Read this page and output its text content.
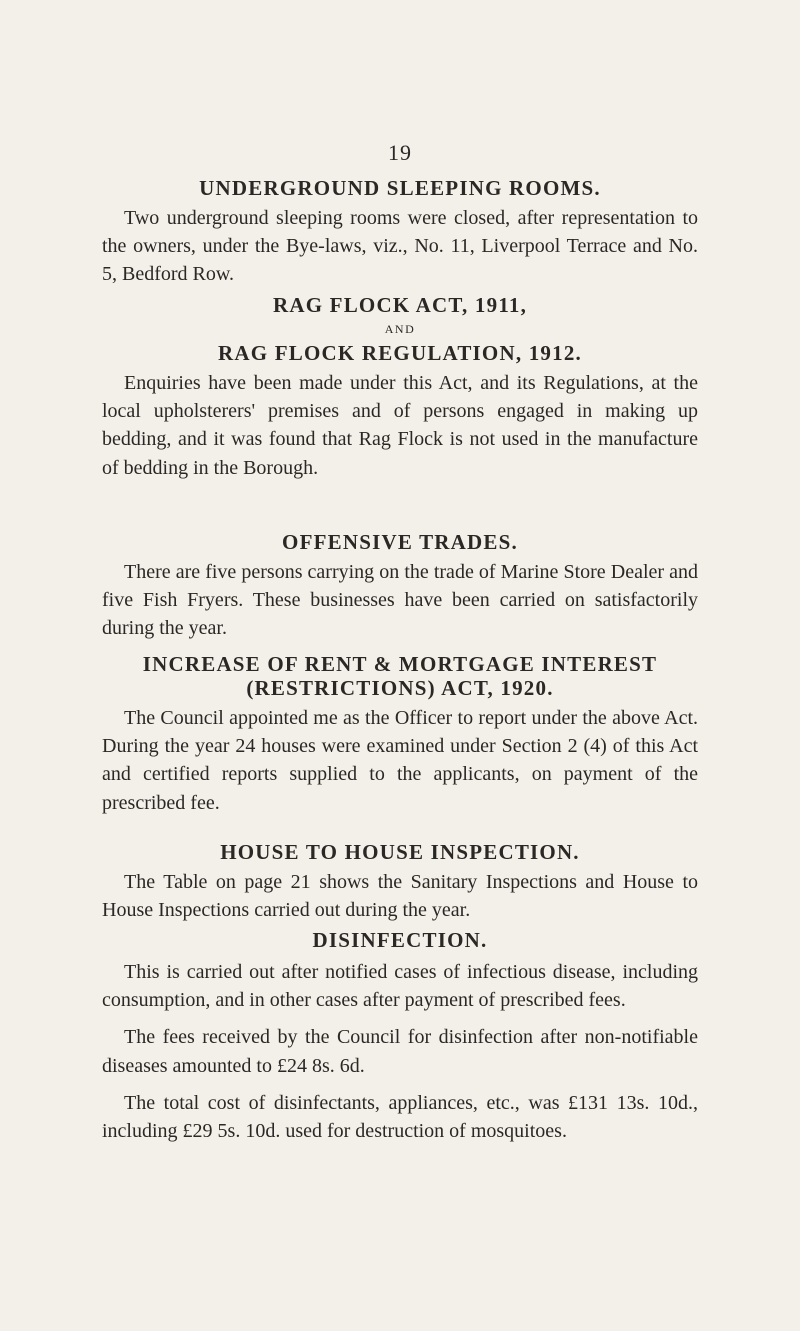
19
UNDERGROUND SLEEPING ROOMS.

Two underground sleeping rooms were closed, after representation to the owners, under the Bye-laws, viz., No. 11, Liverpool Terrace and No. 5, Bedford Row.

RAG FLOCK ACT, 1911,
AND
RAG FLOCK REGULATION, 1912.

Enquiries have been made under this Act, and its Regulations, at the local upholsterers' premises and of persons engaged in making up bedding, and it was found that Rag Flock is not used in the manufacture of bedding in the Borough.

OFFENSIVE TRADES.

There are five persons carrying on the trade of Marine Store Dealer and five Fish Fryers. These businesses have been carried on satisfactorily during the year.

INCREASE OF RENT & MORTGAGE INTEREST
(RESTRICTIONS) ACT, 1920.

The Council appointed me as the Officer to report under the above Act. During the year 24 houses were examined under Section 2 (4) of this Act and certified reports supplied to the applicants, on payment of the prescribed fee.

HOUSE TO HOUSE INSPECTION.

The Table on page 21 shows the Sanitary Inspections and House to House Inspections carried out during the year.

DISINFECTION.

This is carried out after notified cases of infectious disease, including consumption, and in other cases after payment of prescribed fees.

The fees received by the Council for disinfection after non-notifiable diseases amounted to £24 8s. 6d.

The total cost of disinfectants, appliances, etc., was £131 13s. 10d., including £29 5s. 10d. used for destruction of mosquitoes.
